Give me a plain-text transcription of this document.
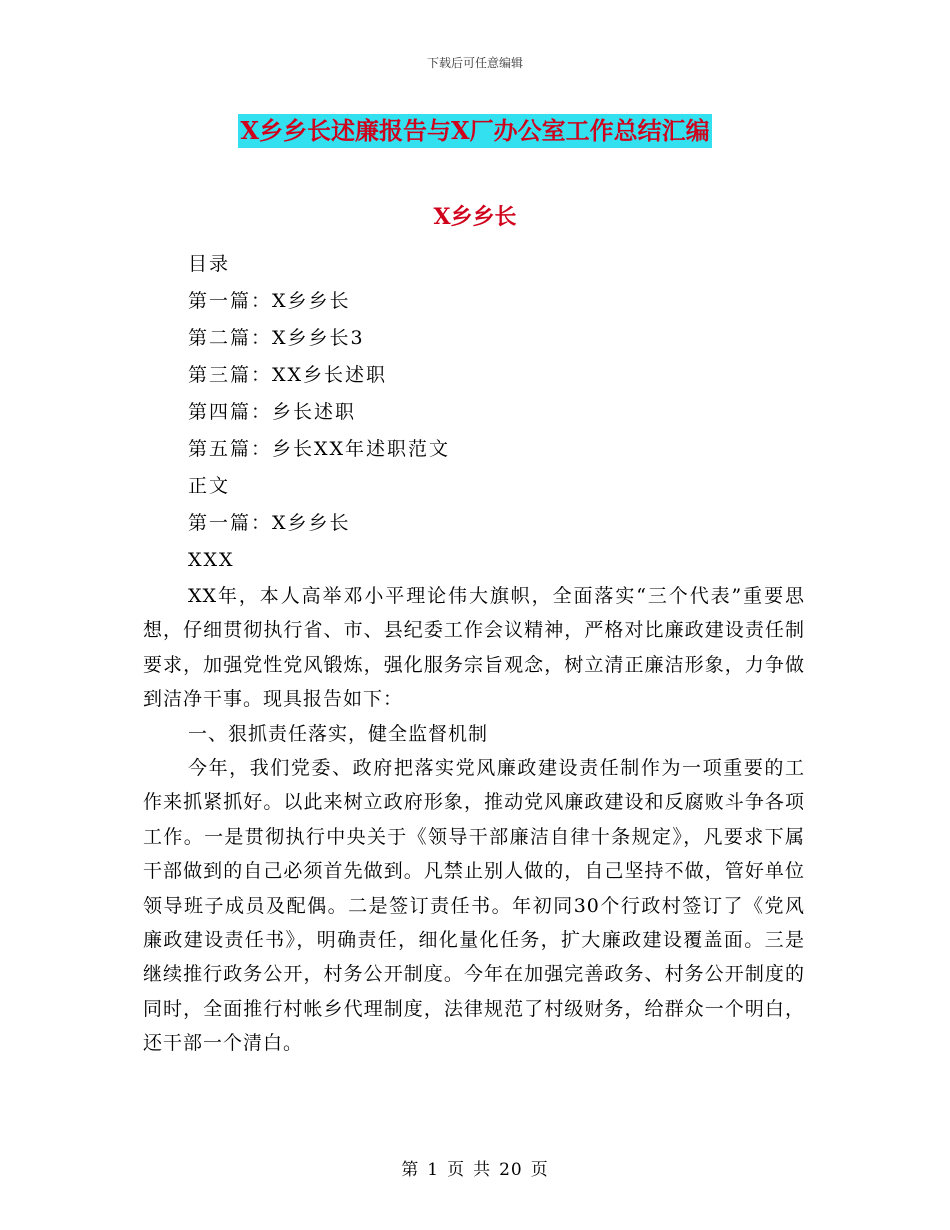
下载后可任意编辑
X乡乡长述廉报告与X厂办公室工作总结汇编
X乡乡长
目录
第一篇：X乡乡长
第二篇：X乡乡长3
第三篇：XX乡长述职
第四篇：乡长述职
第五篇：乡长XX年述职范文
正文
第一篇：X乡乡长
XXX

XX年，本人高举邓小平理论伟大旗帜，全面落实“三个代表”重要思想，仔细贯彻执行省、市、县纪委工作会议精神，严格对比廉政建设责任制要求，加强党性党风锻炼，强化服务宗旨观念，树立清正廉洁形象，力争做到洁净干事。现具报告如下：

一、狠抓责任落实，健全监督机制

今年，我们党委、政府把落实党风廉政建设责任制作为一项重要的工作来抓紧抓好。以此来树立政府形象，推动党风廉政建设和反腐败斗争各项工作。一是贯彻执行中央关于《领导干部廉洁自律十条规定》，凡要求下属干部做到的自己必须首先做到。凡禁止别人做的，自己坚持不做，管好单位领导班子成员及配偶。二是签订责任书。年初同30个行政村签订了《党风廉政建设责任书》，明确责任，细化量化任务，扩大廉政建设覆盖面。三是继续推行政务公开，村务公开制度。今年在加强完善政务、村务公开制度的同时，全面推行村帐乡代理制度，法律规范了村级财务，给群众一个明白，还干部一个清白。

第 1 页 共 20 页
